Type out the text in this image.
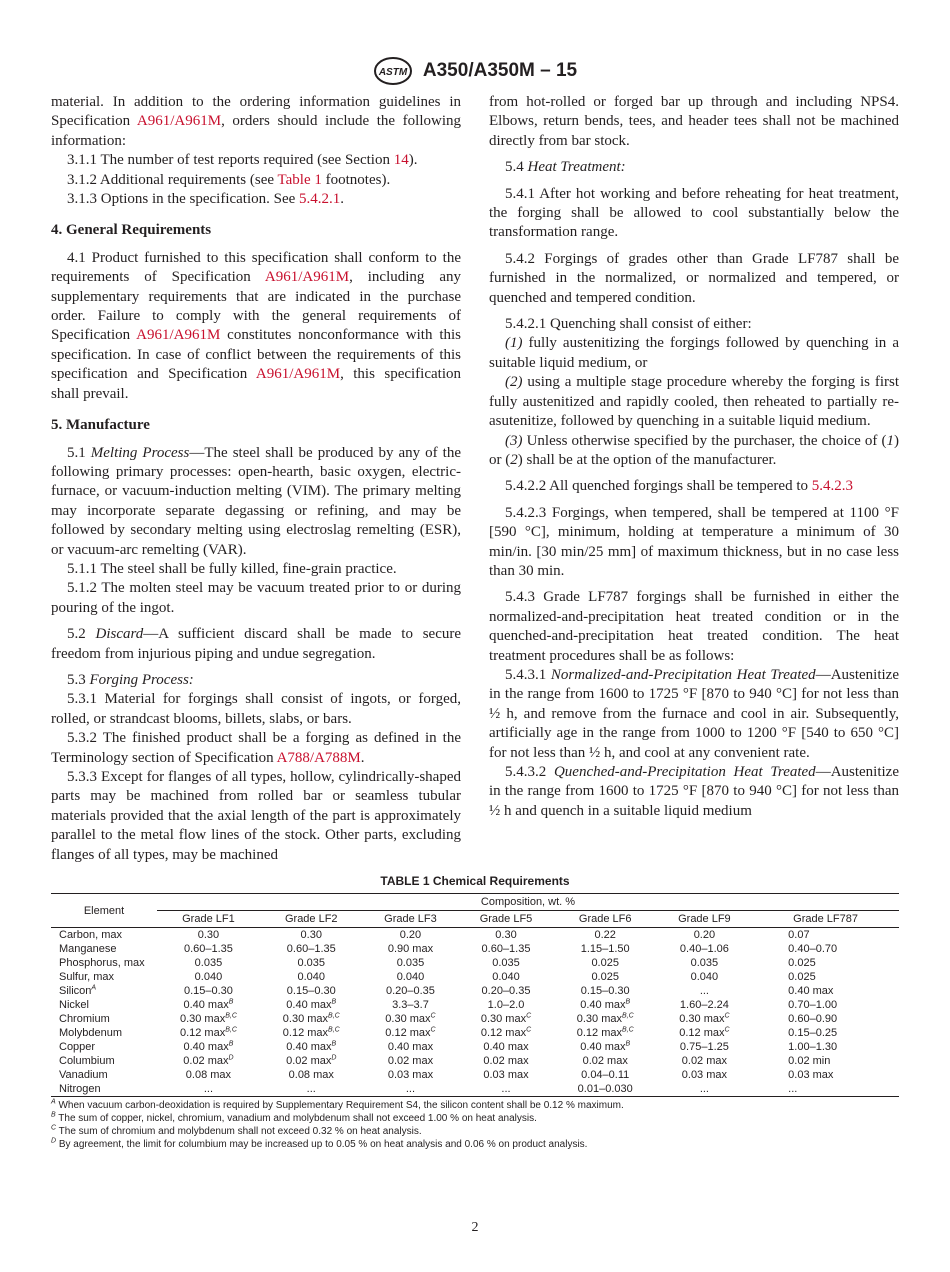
ASTM A350/A350M – 15

material. In addition to the ordering information guidelines in Specification A961/A961M, orders should include the following information:

3.1.1 The number of test reports required (see Section 14).

3.1.2 Additional requirements (see Table 1 footnotes).

3.1.3 Options in the specification. See 5.4.2.1.

4. General Requirements

4.1 Product furnished to this specification shall conform to the requirements of Specification A961/A961M, including any supplementary requirements that are indicated in the purchase order. Failure to comply with the general requirements of Specification A961/A961M constitutes nonconformance with this specification. In case of conflict between the requirements of this specification and Specification A961/A961M, this specification shall prevail.

5. Manufacture

5.1 Melting Process—The steel shall be produced by any of the following primary processes: open-hearth, basic oxygen, electric-furnace, or vacuum-induction melting (VIM). The primary melting may incorporate separate degassing or refining, and may be followed by secondary melting using electroslag remelting (ESR), or vacuum-arc remelting (VAR).

5.1.1 The steel shall be fully killed, fine-grain practice.

5.1.2 The molten steel may be vacuum treated prior to or during pouring of the ingot.

5.2 Discard—A sufficient discard shall be made to secure freedom from injurious piping and undue segregation.

5.3 Forging Process:

5.3.1 Material for forgings shall consist of ingots, or forged, rolled, or strandcast blooms, billets, slabs, or bars.

5.3.2 The finished product shall be a forging as defined in the Terminology section of Specification A788/A788M.

5.3.3 Except for flanges of all types, hollow, cylindrically-shaped parts may be machined from rolled bar or seamless tubular materials provided that the axial length of the part is approximately parallel to the metal flow lines of the stock. Other parts, excluding flanges of all types, may be machined

from hot-rolled or forged bar up through and including NPS4. Elbows, return bends, tees, and header tees shall not be machined directly from bar stock.

5.4 Heat Treatment:

5.4.1 After hot working and before reheating for heat treatment, the forging shall be allowed to cool substantially below the transformation range.

5.4.2 Forgings of grades other than Grade LF787 shall be furnished in the normalized, or normalized and tempered, or quenched and tempered condition.

5.4.2.1 Quenching shall consist of either:

(1) fully austenitizing the forgings followed by quenching in a suitable liquid medium, or

(2) using a multiple stage procedure whereby the forging is first fully austenitized and rapidly cooled, then reheated to partially re-asutenitize, followed by quenching in a suitable liquid medium.

(3) Unless otherwise specified by the purchaser, the choice of (1) or (2) shall be at the option of the manufacturer.

5.4.2.2 All quenched forgings shall be tempered to 5.4.2.3

5.4.2.3 Forgings, when tempered, shall be tempered at 1100 °F [590 °C], minimum, holding at temperature a minimum of 30 min/in. [30 min/25 mm] of maximum thickness, but in no case less than 30 min.

5.4.3 Grade LF787 forgings shall be furnished in either the normalized-and-precipitation heat treated condition or in the quenched-and-precipitation heat treated condition. The heat treatment procedures shall be as follows:

5.4.3.1 Normalized-and-Precipitation Heat Treated—Austenitize in the range from 1600 to 1725 °F [870 to 940 °C] for not less than ½ h, and remove from the furnace and cool in air. Subsequently, artificially age in the range from 1000 to 1200 °F [540 to 650 °C] for not less than ½ h, and cool at any convenient rate.

5.4.3.2 Quenched-and-Precipitation Heat Treated—Austenitize in the range from 1600 to 1725 °F [870 to 940 °C] for not less than ½ h and quench in a suitable liquid medium

TABLE 1 Chemical Requirements
Element	Composition, wt. %						
	Grade LF1	Grade LF2	Grade LF3	Grade LF5	Grade LF6	Grade LF9	Grade LF787
Carbon, max	0.30	0.30	0.20	0.30	0.22	0.20	0.07
Manganese	0.60–1.35	0.60–1.35	0.90 max	0.60–1.35	1.15–1.50	0.40–1.06	0.40–0.70
Phosphorus, max	0.035	0.035	0.035	0.035	0.025	0.035	0.025
Sulfur, max	0.040	0.040	0.040	0.040	0.025	0.040	0.025
Silicon$^A$	0.15–0.30	0.15–0.30	0.20–0.35	0.20–0.35	0.15–0.30	...	0.40 max
Nickel	0.40 $\max^B$	0.40 $\max^B$	3.3–3.7	1.0–2.0	0.40 $\max^B$	1.60–2.24	0.70–1.00
Chromium	0.30 $\max^{B,C}$	0.30 $\max^{B,C}$	0.30 $\max^C$	0.30 $\max^C$	0.30 $\max^{B,C}$	0.30 $\max^C$	0.60–0.90
Molybdenum	0.12 $\max^{B,C}$	0.12 $\max^{B,C}$	0.12 $\max^C$	0.12 $\max^C$	0.12 $\max^{B,C}$	0.12 $\max^C$	0.15–0.25
Copper	0.40 $\max^B$	0.40 $\max^B$	0.40 max	0.40 max	0.40 $\max^B$	0.75–1.25	1.00–1.30
Columbium	0.02 $\max^D$	0.02 $\max^D$	0.02 max	0.02 max	0.02 max	0.02 max	0.02 min
Vanadium	0.08 max	0.08 max	0.03 max	0.03 max	0.04–0.11	0.03 max	0.03 max
Nitrogen	...	...	...	...	0.01–0.030	...	...

$^A$ When vacuum carbon-deoxidation is required by Supplementary Requirement S4, the silicon content shall be 0.12 % maximum.

$^B$ The sum of copper, nickel, chromium, vanadium and molybdenum shall not exceed 1.00 % on heat analysis.

$^C$ The sum of chromium and molybdenum shall not exceed 0.32 % on heat analysis.

$^D$ By agreement, the limit for columbium may be increased up to 0.05 % on heat analysis and 0.06 % on product analysis.

2
